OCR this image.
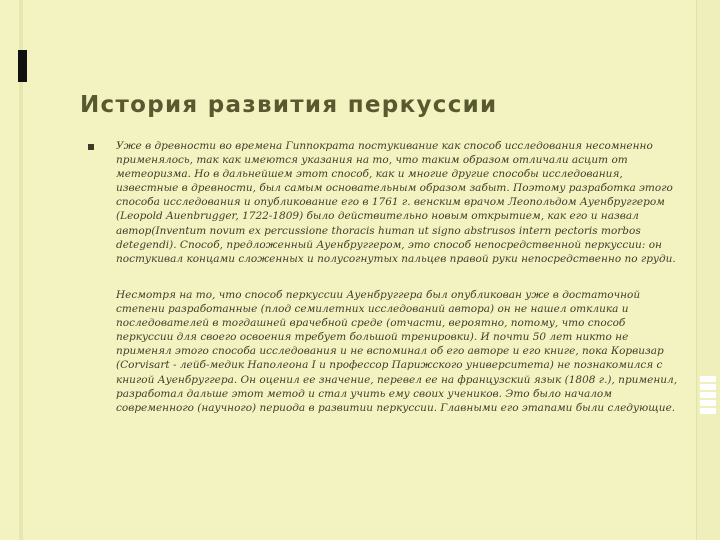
История развития перкуссии

Уже в древности во времена Гиппократа постукивание как способ исследования несомненно применялось, так как имеются указания на то, что таким образом отличали асцит от метеоризма. Но в дальнейшем этот способ, как и многие другие способы исследования, известные в древности, был самым основательным образом забыт. Поэтому разработка этого способа исследования и опубликование его в 1761 г. венским врачом Леопольдом Ауенбруггером (Leopold Auenbrugger, 1722-1809) было действительно новым открытием, как его и назвал автор(Inventum novum ex percussione thoracis human ut signo abstrusos intern pectoris morbos detegendi). Способ, предложенный Ауенбруггером, это способ непосредственной перкуссии: он постукивал концами сложенных и полусогнутых пальцев правой руки непосредственно по груди.

Несмотря на то, что способ перкуссии Ауенбруггера был опубликован уже в достаточной степени разработанные (плод семилетних исследований автора) он не нашел отклика и последователей в тогдашней врачебной среде (отчасти, вероятно, потому, что способ перкуссии для своего освоения требует большой тренировки). И почти 50 лет никто не применял этого способа исследования и не вспоминал об его авторе и его книге, пока Корвизар (Corvisart - лейб-медик Наполеона I и профессор Парижского университета) не познакомился с книгой Ауенбруггера. Он оценил ее значение, перевел ее на французский язык (1808 г.), применил, разработал дальше этот метод и стал учить ему своих учеников. Это было началом современного (научного) периода в развитии перкуссии. Главными его этапами были следующие.
